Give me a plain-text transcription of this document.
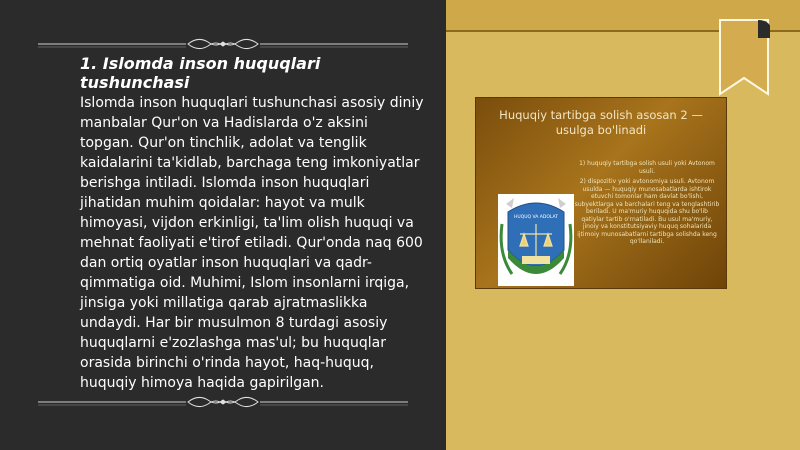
1. Islomda inson huquqlari
tushunchasi
Islomda inson huquqlari tushunchasi asosiy diniy manbalar Qur'on va Hadislarda o'z aksini topgan. Qur'on tinchlik, adolat va tenglik kaidalarini ta'kidlab, barchaga teng imkoniyatlar berishga intiladi. Islomda inson huquqlari jihatidan muhim qoidalar: hayot va mulk himoyasi, vijdon erkinligi, ta'lim olish huquqi va mehnat faoliyati e'tirof etiladi. Qur'onda naq 600 dan ortiq oyatlar inson huquqlari va qadr-qimmatiga oid. Muhimi, Islom insonlarni irqiga, jinsiga yoki millatiga qarab ajratmaslikka undaydi. Har bir musulmon 8 turdagi asosiy huquqlarni e'zozlashga mas'ul; bu huquqlar orasida birinchi o'rinda hayot, haq-huquq, huquqiy himoya haqida gapirilgan.
Huquqiy tartibga solish asosan 2 —
usulga bo'linadi
1) huquqiy tartibga solish usuli yoki Avtonom usuli.
2) dispozitiv yoki avtonomiya usuli. Avtonom usulda — huquqiy munosabatlarda ishtirok etuvchi tomonlar ham davlat bo'lishi, subyektlarga va barchalari teng va tenglashtirib beriladi. U ma'muriy huquqida shu bo'lib qatiylar tartib o'rnatiladi. Bu usul ma'muriy, jinoiy va konstitutsiyaviy huquq sohalarida ijtimoiy munosabatlarni tartibga solishda keng qo'llaniladi.
HUQUQ VA ADOLAT
